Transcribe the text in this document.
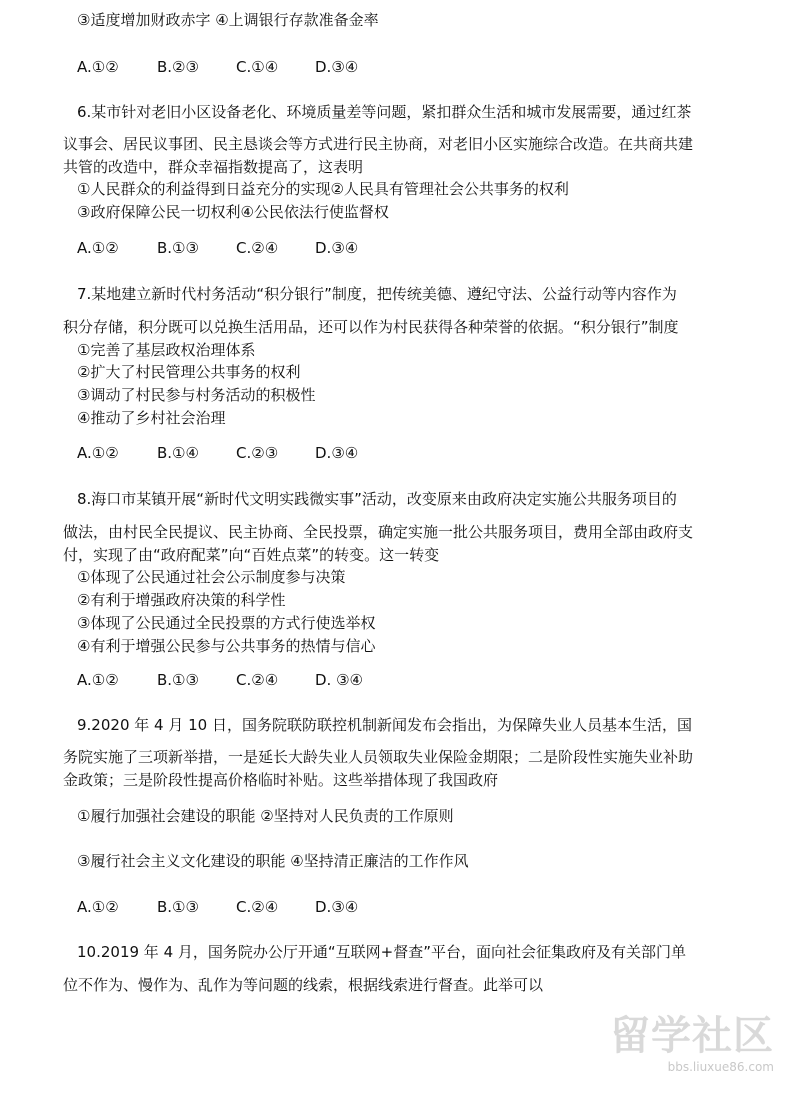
③适度增加财政赤字 ④上调银行存款准备金率
A.①②	B.②③ C.①④ D.③④
6.某市针对老旧小区设备老化、环境质量差等问题，紧扣群众生活和城市发展需要，通过红茶
议事会、居民议事团、民主恳谈会等方式进行民主协商，对老旧小区实施综合改造。在共商共建
共管的改造中，群众幸福指数提高了，这表明
①人民群众的利益得到日益充分的实现②人民具有管理社会公共事务的权利
③政府保障公民一切权利④公民依法行使监督权
A.①②	B.①③ C.②④ D.③④
7.某地建立新时代村务活动“积分银行”制度，把传统美德、遵纪守法、公益行动等内容作为
积分存储，积分既可以兑换生活用品，还可以作为村民获得各种荣誉的依据。“积分银行”制度
①完善了基层政权治理体系
②扩大了村民管理公共事务的权利
③调动了村民参与村务活动的积极性
④推动了乡村社会治理
A.①②	B.①④ C.②③ D.③④
8.海口市某镇开展“新时代文明实践微实事”活动，改变原来由政府决定实施公共服务项目的
做法，由村民全民提议、民主协商、全民投票，确定实施一批公共服务项目，费用全部由政府支
付，实现了由“政府配菜”向“百姓点菜”的转变。这一转变
①体现了公民通过社会公示制度参与决策
②有利于增强政府决策的科学性
③体现了公民通过全民投票的方式行使选举权
④有利于增强公民参与公共事务的热情与信心
A.①②	B.①③ C.②④ D. ③④
9.2020 年 4 月 10 日，国务院联防联控机制新闻发布会指出，为保障失业人员基本生活，国
务院实施了三项新举措，一是延长大龄失业人员领取失业保险金期限；二是阶段性实施失业补助
金政策；三是阶段性提高价格临时补贴。这些举措体现了我国政府
①履行加强社会建设的职能 ②坚持对人民负责的工作原则
③履行社会主义文化建设的职能 ④坚持清正廉洁的工作作风
A.①②	B.①③ C.②④ D.③④
10.2019 年 4 月，国务院办公厅开通“互联网+督查”平台，面向社会征集政府及有关部门单
位不作为、慢作为、乱作为等问题的线索，根据线索进行督查。此举可以
留学社区
bbs.liuxue86.com
